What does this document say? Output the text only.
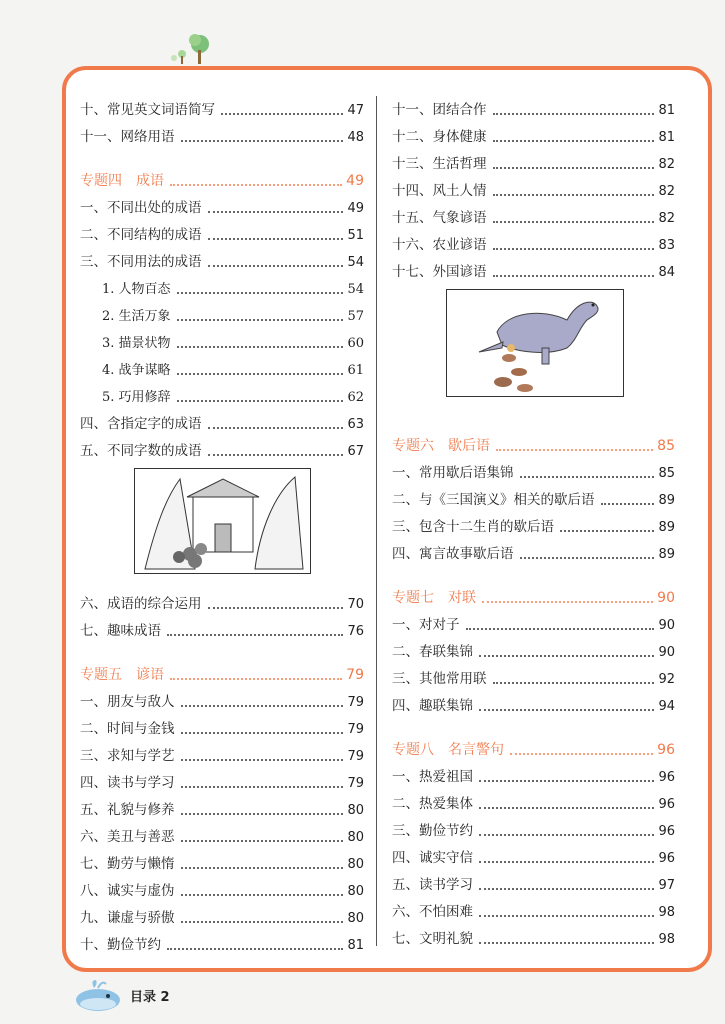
十、常见英文词语简写	47
十一、网络用语	48
专题四　成语	49
一、不同出处的成语	49
二、不同结构的成语	51
三、不同用法的成语	54
1. 人物百态	54
2. 生活万象	57
3. 描景状物	60
4. 战争谋略	61
5. 巧用修辞	62
四、含指定字的成语	63
五、不同字数的成语	67
六、成语的综合运用	70
七、趣味成语	76
专题五　谚语	79
一、朋友与敌人	79
二、时间与金钱	79
三、求知与学艺	79
四、读书与学习	79
五、礼貌与修养	80
六、美丑与善恶	80
七、勤劳与懒惰	80
八、诚实与虚伪	80
九、谦虚与骄傲	80
十、勤俭节约	81
十一、团结合作	81
十二、身体健康	81
十三、生活哲理	82
十四、风土人情	82
十五、气象谚语	82
十六、农业谚语	83
十七、外国谚语	84
专题六　歇后语	85
一、常用歇后语集锦	85
二、与《三国演义》相关的歇后语	89
三、包含十二生肖的歇后语	89
四、寓言故事歇后语	89
专题七　对联	90
一、对对子	90
二、春联集锦	90
三、其他常用联	92
四、趣联集锦	94
专题八　名言警句	96
一、热爱祖国	96
二、热爱集体	96
三、勤俭节约	96
四、诚实守信	96
五、读书学习	97
六、不怕困难	98
七、文明礼貌	98
目录 2
